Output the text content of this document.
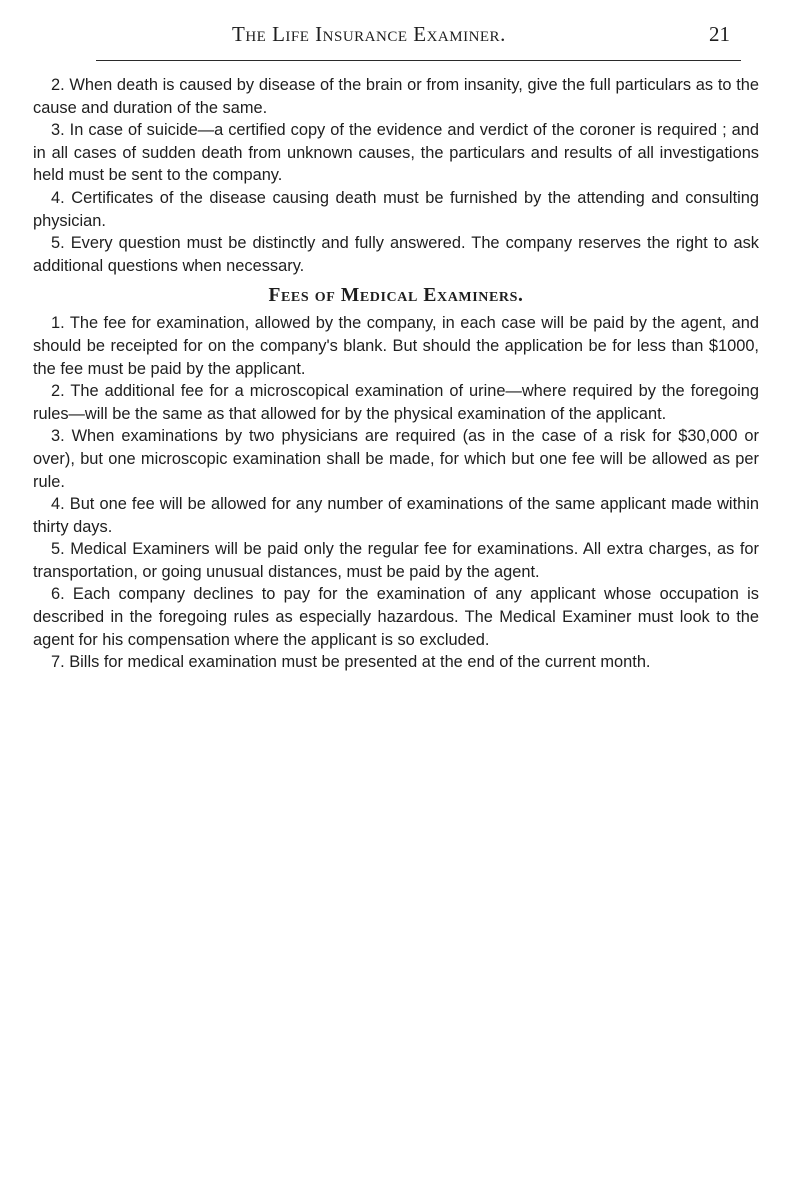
The Life Insurance Examiner.	21

2. When death is caused by disease of the brain or from insanity, give the full particulars as to the cause and duration of the same.

3. In case of suicide—a certified copy of the evidence and verdict of the coroner is required ; and in all cases of sudden death from unknown causes, the particulars and results of all investigations held must be sent to the company.

4. Certificates of the disease causing death must be furnished by the attending and consulting physician.

5. Every question must be distinctly and fully answered. The company reserves the right to ask additional questions when necessary.

Fees of Medical Examiners.

1. The fee for examination, allowed by the company, in each case will be paid by the agent, and should be receipted for on the company's blank. But should the application be for less than $1000, the fee must be paid by the applicant.

2. The additional fee for a microscopical examination of urine—where required by the foregoing rules—will be the same as that allowed for by the physical examination of the applicant.

3. When examinations by two physicians are required (as in the case of a risk for $30,000 or over), but one microscopic examination shall be made, for which but one fee will be allowed as per rule.

4. But one fee will be allowed for any number of examinations of the same applicant made within thirty days.

5. Medical Examiners will be paid only the regular fee for examinations. All extra charges, as for transportation, or going unusual distances, must be paid by the agent.

6. Each company declines to pay for the examination of any applicant whose occupation is described in the foregoing rules as especially hazardous. The Medical Examiner must look to the agent for his compensation where the applicant is so excluded.

7. Bills for medical examination must be presented at the end of the current month.
